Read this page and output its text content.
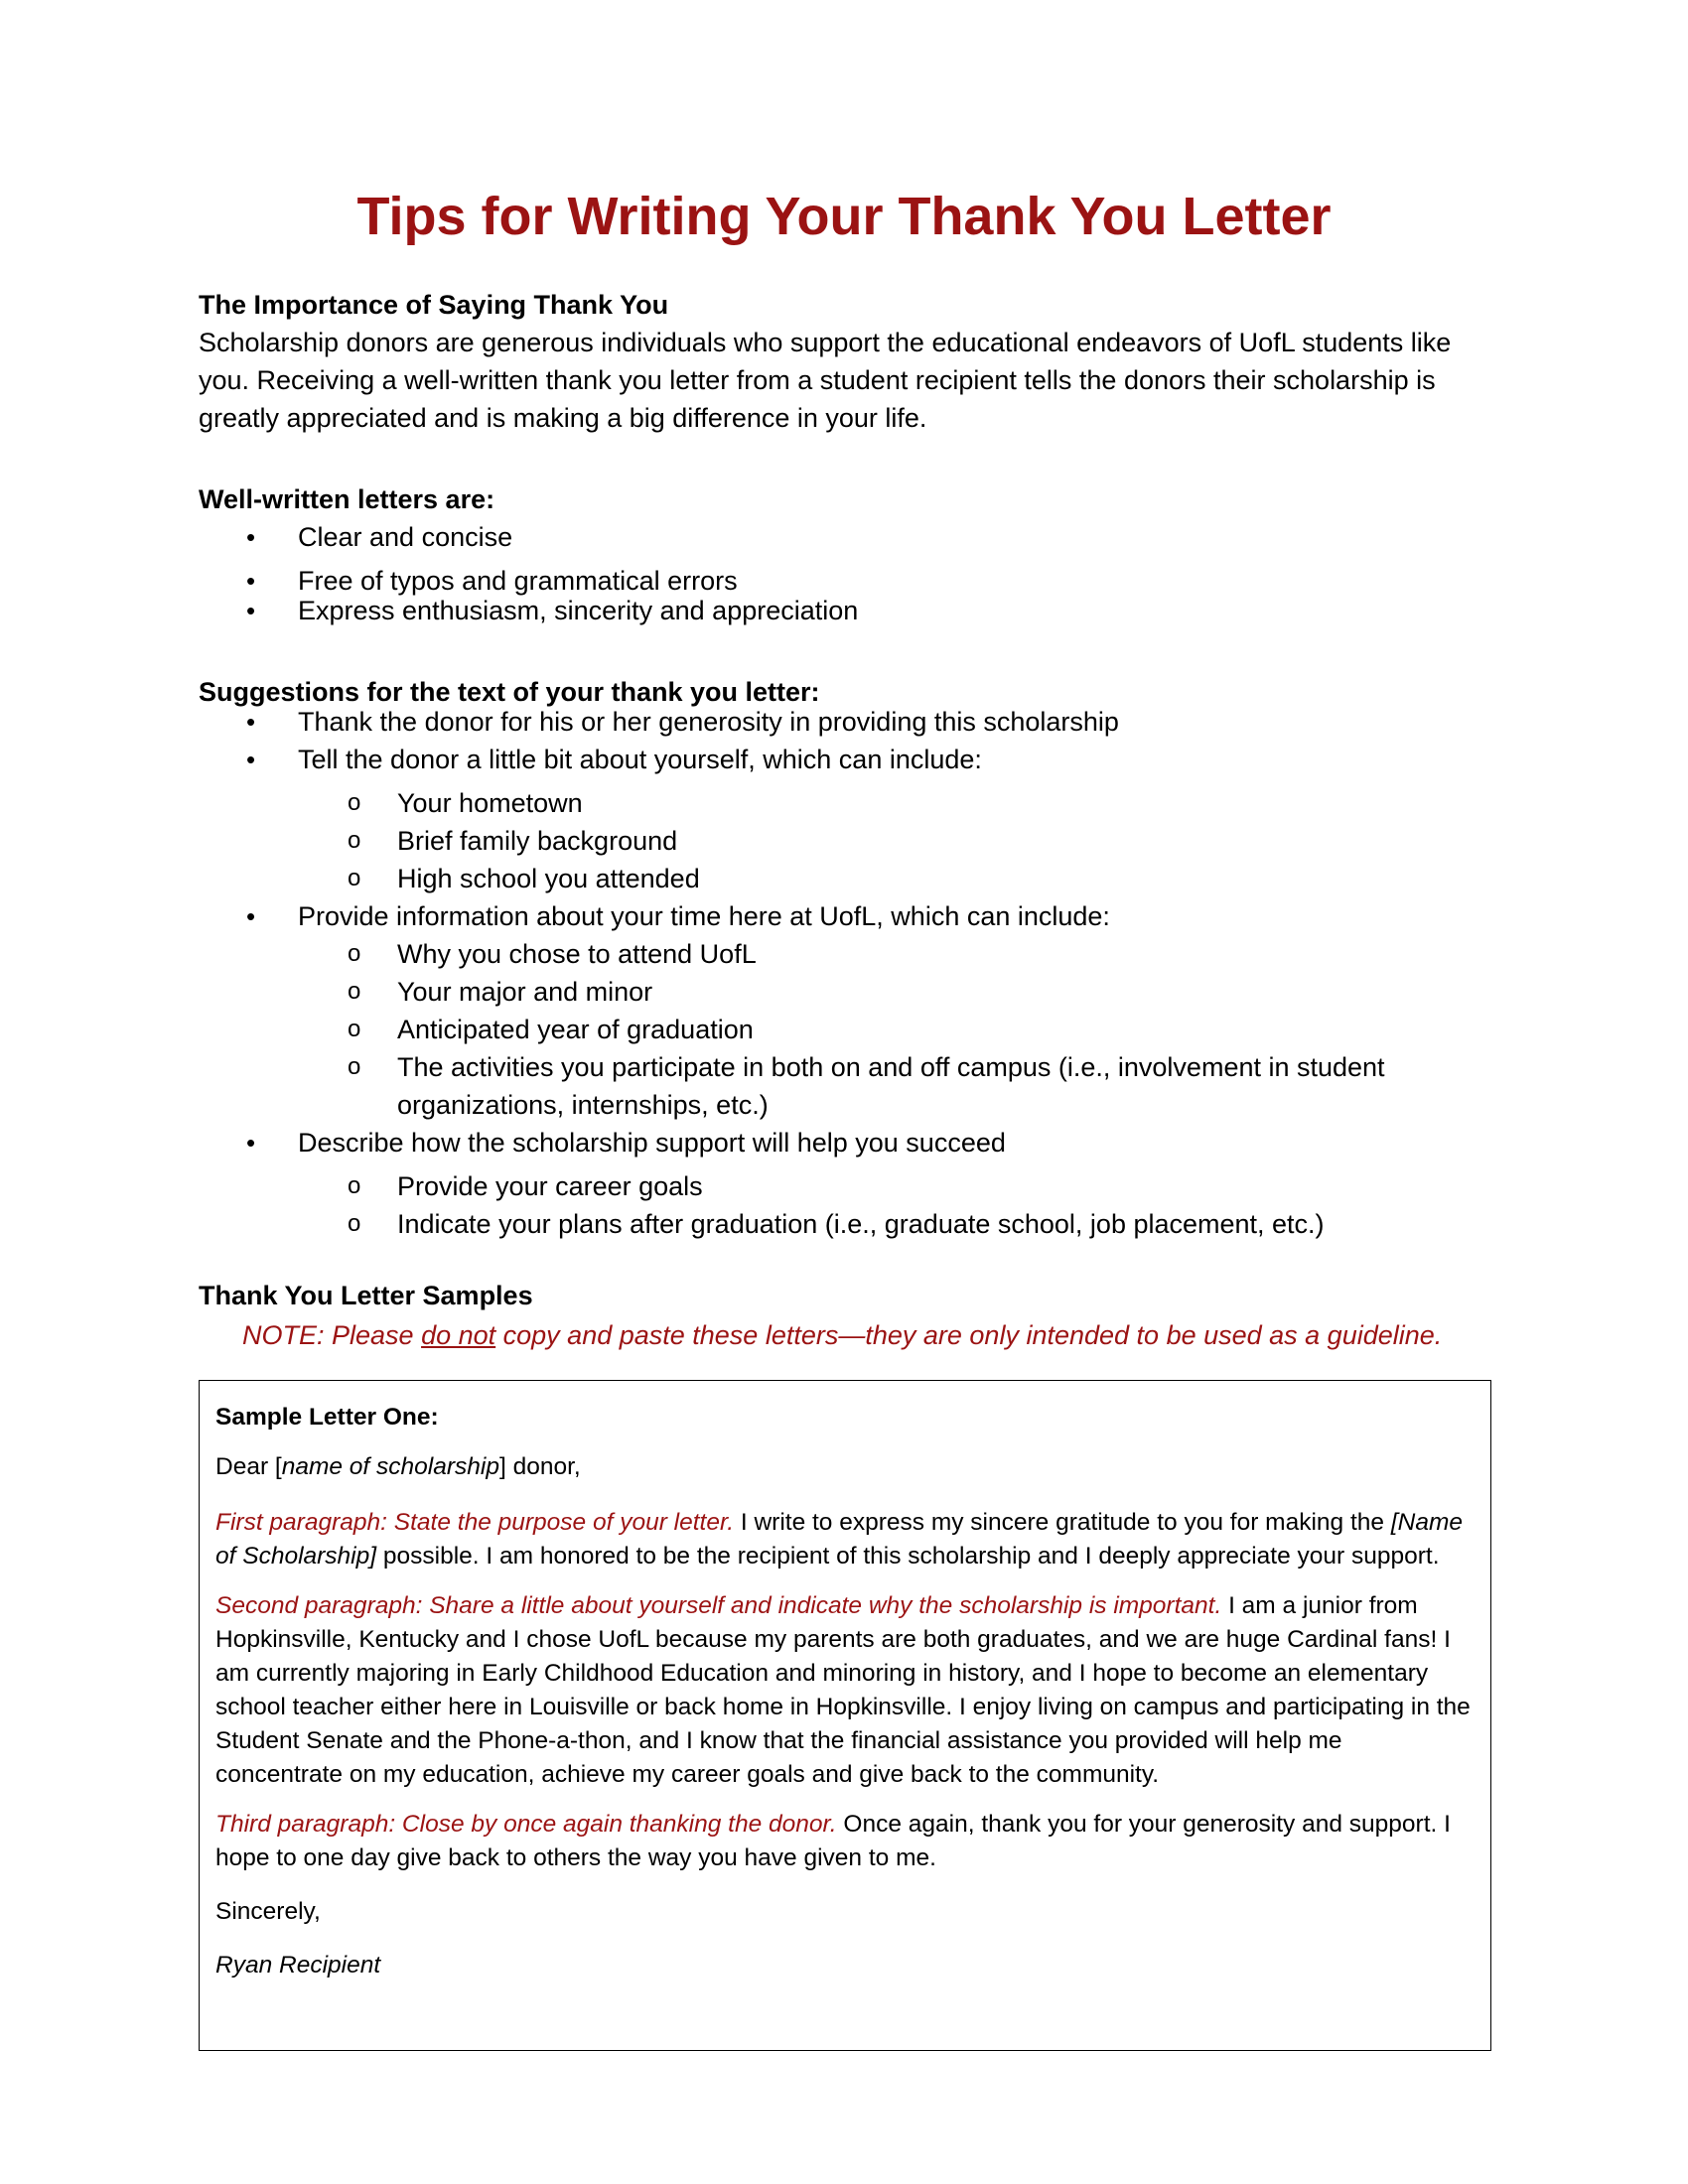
Tips for Writing Your Thank You Letter
The Importance of Saying Thank You

Scholarship donors are generous individuals who support the educational endeavors of UofL students like you. Receiving a well-written thank you letter from a student recipient tells the donors their scholarship is greatly appreciated and is making a big difference in your life.

Well-written letters are:
• Clear and concise
• Free of typos and grammatical errors
• Express enthusiasm, sincerity and appreciation
Suggestions for the text of your thank you letter:
• Thank the donor for his or her generosity in providing this scholarship
• Tell the donor a little bit about yourself, which can include:
o Your hometown
o Brief family background
o High school you attended
• Provide information about your time here at UofL, which can include:
o Why you chose to attend UofL
o Your major and minor
o Anticipated year of graduation
o The activities you participate in both on and off campus (i.e., involvement in student organizations, internships, etc.)
• Describe how the scholarship support will help you succeed
o Provide your career goals
o Indicate your plans after graduation (i.e., graduate school, job placement, etc.)
Thank You Letter Samples
NOTE: Please do not copy and paste these letters—they are only intended to be used as a guideline.

Sample Letter One:

Dear [name of scholarship] donor,

First paragraph: State the purpose of your letter. I write to express my sincere gratitude to you for making the [Name of Scholarship] possible. I am honored to be the recipient of this scholarship and I deeply appreciate your support.

Second paragraph: Share a little about yourself and indicate why the scholarship is important. I am a junior from Hopkinsville, Kentucky and I chose UofL because my parents are both graduates, and we are huge Cardinal fans! I am currently majoring in Early Childhood Education and minoring in history, and I hope to become an elementary school teacher either here in Louisville or back home in Hopkinsville. I enjoy living on campus and participating in the Student Senate and the Phone-a-thon, and I know that the financial assistance you provided will help me concentrate on my education, achieve my career goals and give back to the community.

Third paragraph: Close by once again thanking the donor. Once again, thank you for your generosity and support. I hope to one day give back to others the way you have given to me.

Sincerely,

Ryan Recipient
